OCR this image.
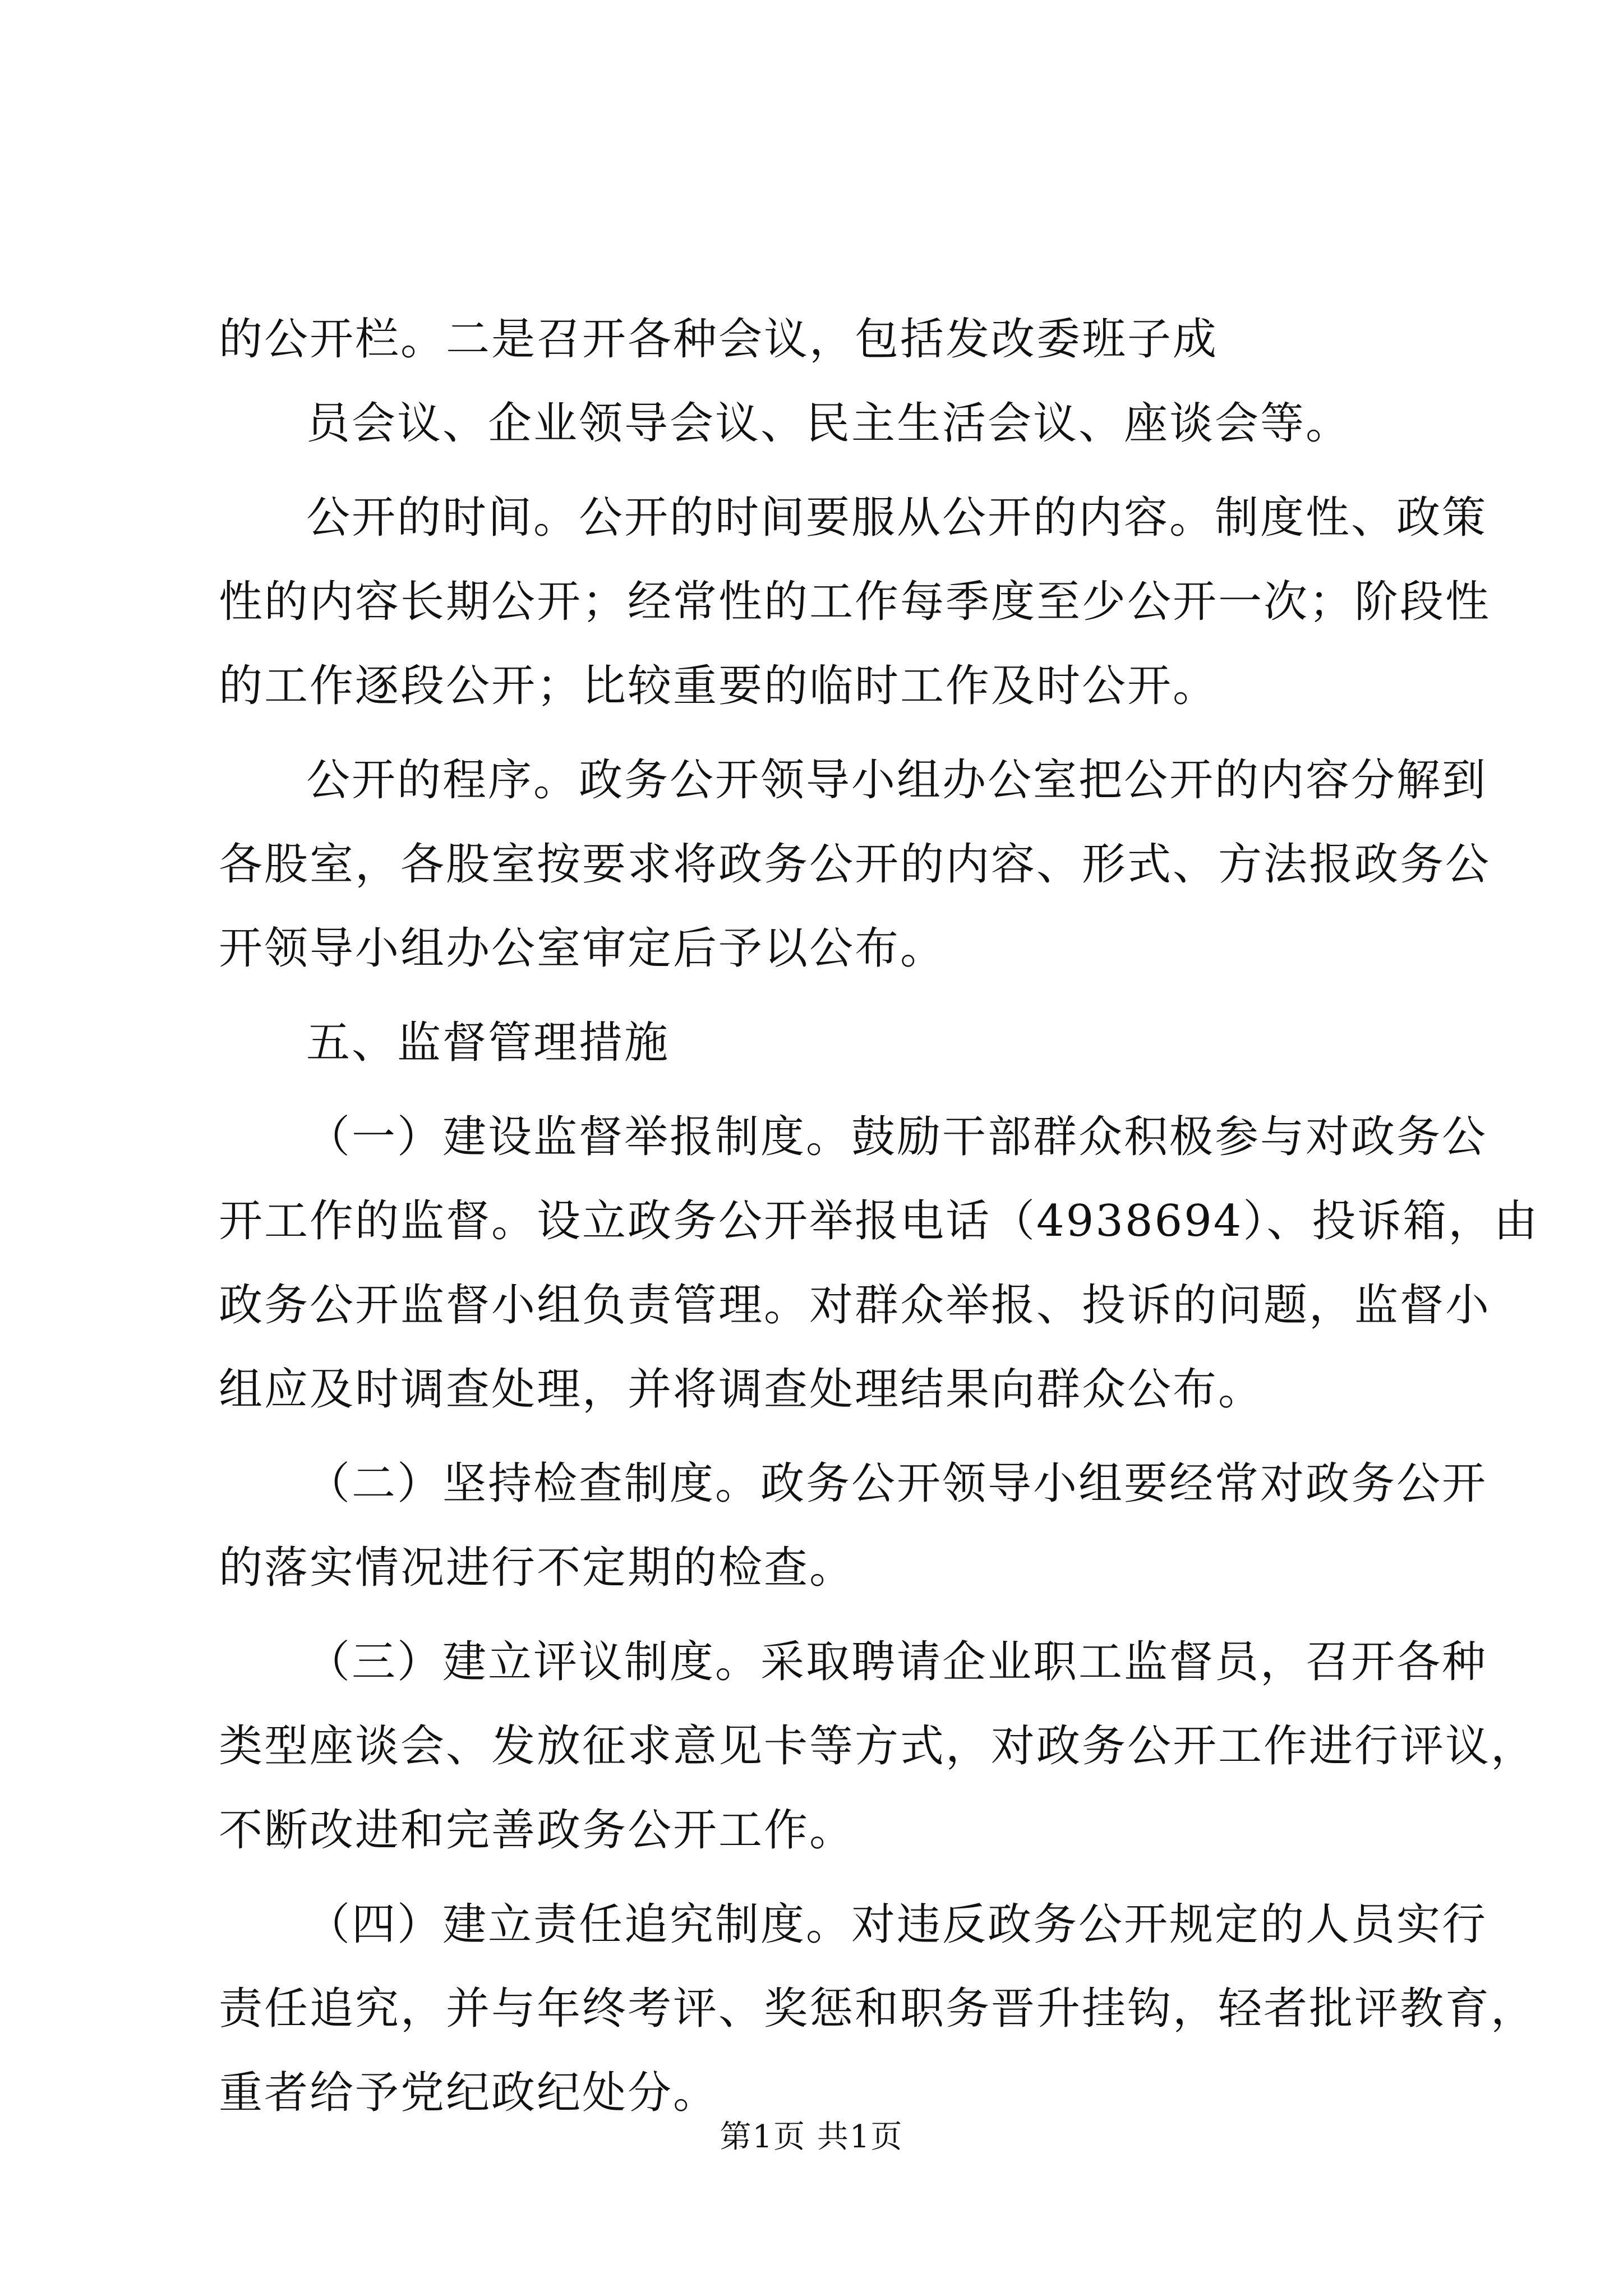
的公开栏。二是召开各种会议，包括发改委班子成
员会议、企业领导会议、民主生活会议、座谈会等。
公开的时间。公开的时间要服从公开的内容。制度性、政策
性的内容长期公开；经常性的工作每季度至少公开一次；阶段性
的工作逐段公开；比较重要的临时工作及时公开。
公开的程序。政务公开领导小组办公室把公开的内容分解到
各股室，各股室按要求将政务公开的内容、形式、方法报政务公
开领导小组办公室审定后予以公布。
五、监督管理措施
（一）建设监督举报制度。鼓励干部群众积极参与对政务公
开工作的监督。设立政务公开举报电话（4938694）、投诉箱，由
政务公开监督小组负责管理。对群众举报、投诉的问题，监督小
组应及时调查处理，并将调查处理结果向群众公布。
（二）坚持检查制度。政务公开领导小组要经常对政务公开
的落实情况进行不定期的检查。
（三）建立评议制度。采取聘请企业职工监督员，召开各种
类型座谈会、发放征求意见卡等方式，对政务公开工作进行评议，
不断改进和完善政务公开工作。
（四）建立责任追究制度。对违反政务公开规定的人员实行
责任追究，并与年终考评、奖惩和职务晋升挂钩，轻者批评教育，
重者给予党纪政纪处分。
第1页 共1页
